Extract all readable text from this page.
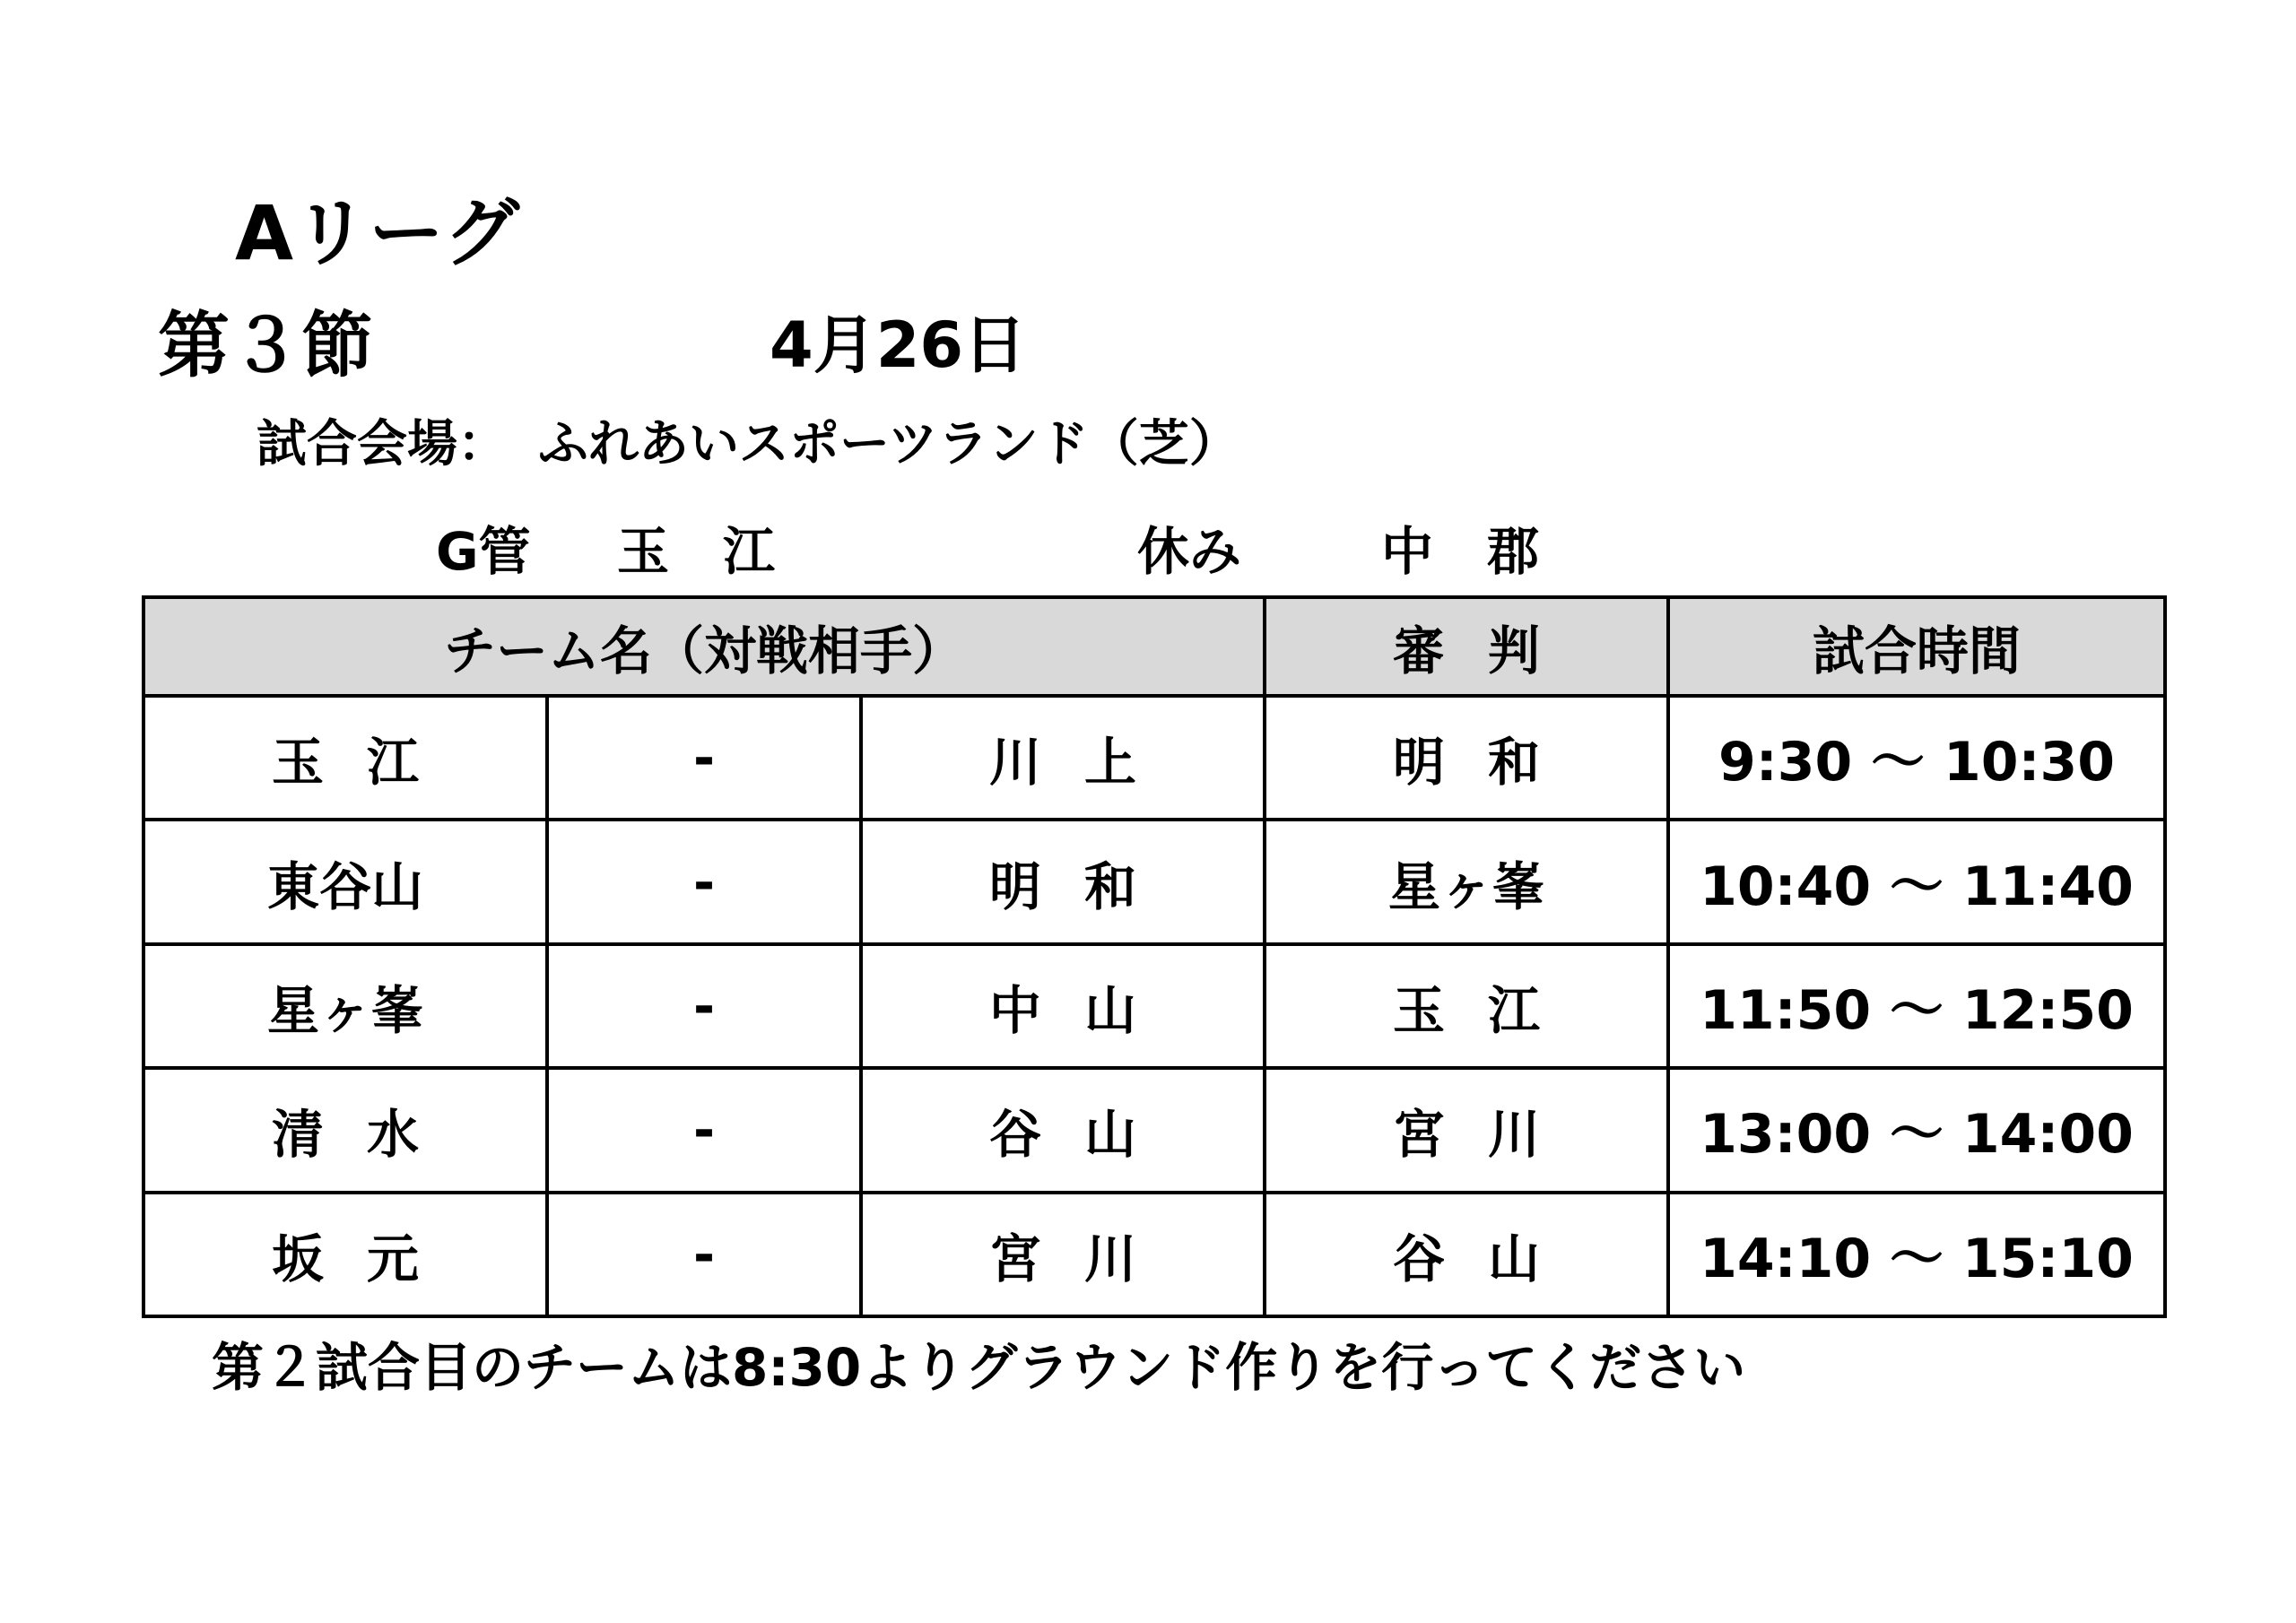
Aリーグ
第３節	4月26日
試合会場： ふれあいスポーツランド（芝）
G管 玉江	休み	中郡
チーム名（対戦相手）			審判	試合時間
玉江	-	川上	明和	9:30 ～ 10:30
東谷山	-	明和	星ヶ峯	10:40 ～ 11:40
星ヶ峯	-	中山	玉江	11:50 ～ 12:50
清水	-	谷山	宮川	13:00 ～ 14:00
坂元	-	宮川	谷山	14:10 ～ 15:10
第２試合目のチームは8:30よりグラウンド作りを行ってください
